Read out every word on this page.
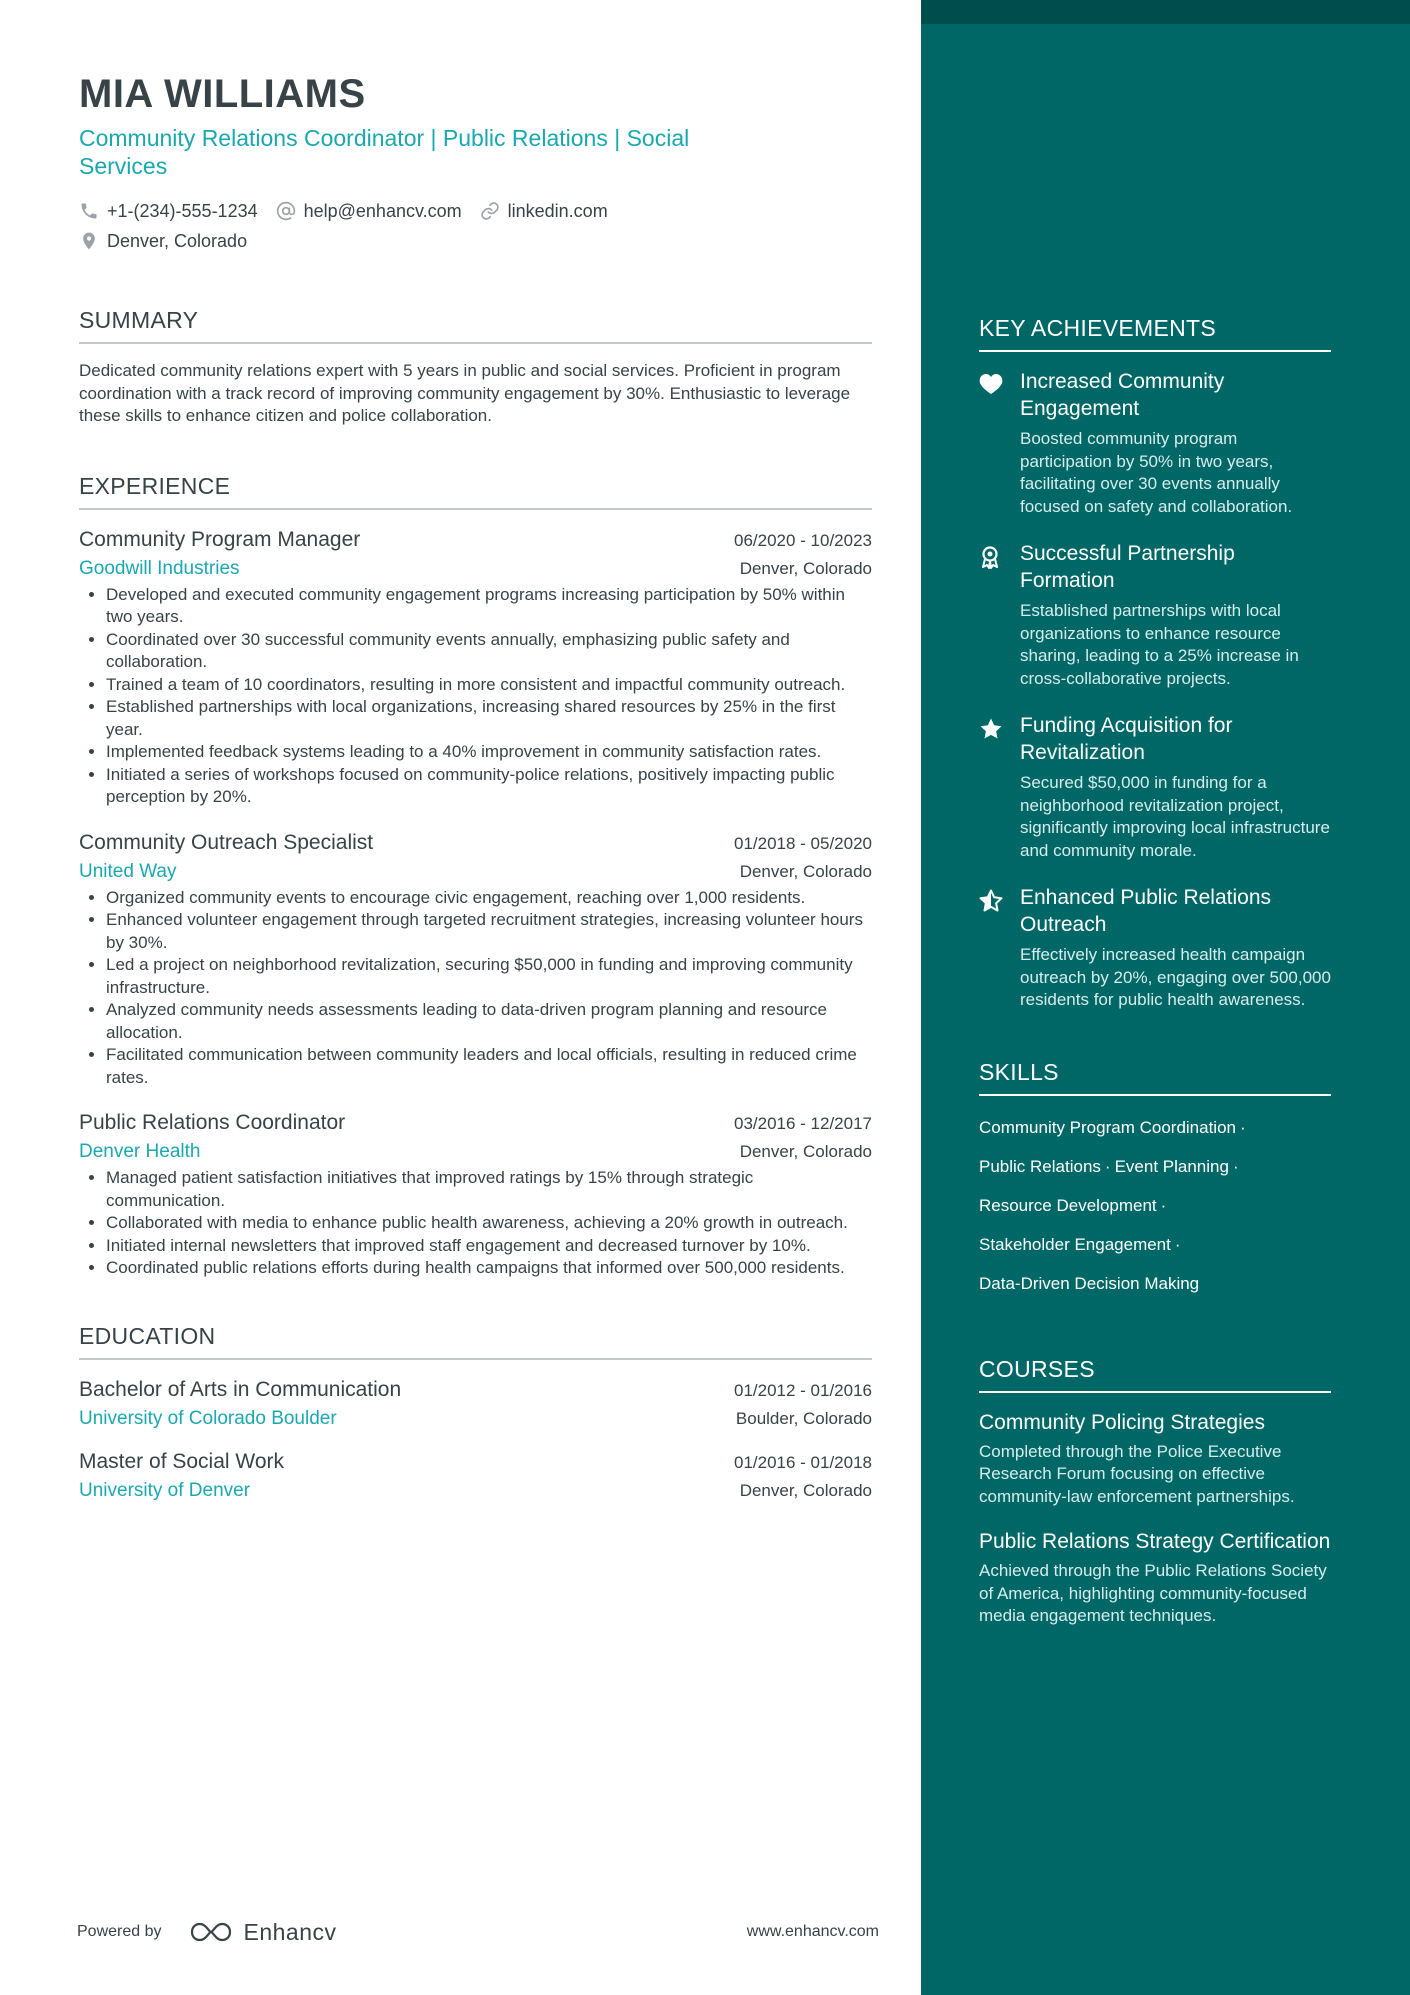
MIA WILLIAMS
Community Relations Coordinator | Public Relations | Social Services
+1-(234)-555-1234	help@enhancv.com	linkedin.com
Denver, Colorado
SUMMARY
Dedicated community relations expert with 5 years in public and social services. Proficient in program coordination with a track record of improving community engagement by 30%. Enthusiastic to leverage these skills to enhance citizen and police collaboration.
EXPERIENCE
Community Program Manager	06/2020 - 10/2023
Goodwill Industries	Denver, Colorado
• Developed and executed community engagement programs increasing participation by 50% within two years.
• Coordinated over 30 successful community events annually, emphasizing public safety and collaboration.
• Trained a team of 10 coordinators, resulting in more consistent and impactful community outreach.
• Established partnerships with local organizations, increasing shared resources by 25% in the first year.
• Implemented feedback systems leading to a 40% improvement in community satisfaction rates.
• Initiated a series of workshops focused on community-police relations, positively impacting public perception by 20%.
Community Outreach Specialist	01/2018 - 05/2020
United Way	Denver, Colorado
• Organized community events to encourage civic engagement, reaching over 1,000 residents.
• Enhanced volunteer engagement through targeted recruitment strategies, increasing volunteer hours by 30%.
• Led a project on neighborhood revitalization, securing $50,000 in funding and improving community infrastructure.
• Analyzed community needs assessments leading to data-driven program planning and resource allocation.
• Facilitated communication between community leaders and local officials, resulting in reduced crime rates.
Public Relations Coordinator	03/2016 - 12/2017
Denver Health	Denver, Colorado
• Managed patient satisfaction initiatives that improved ratings by 15% through strategic communication.
• Collaborated with media to enhance public health awareness, achieving a 20% growth in outreach.
• Initiated internal newsletters that improved staff engagement and decreased turnover by 10%.
• Coordinated public relations efforts during health campaigns that informed over 500,000 residents.
EDUCATION
Bachelor of Arts in Communication	01/2012 - 01/2016
University of Colorado Boulder	Boulder, Colorado
Master of Social Work	01/2016 - 01/2018
University of Denver	Denver, Colorado
Powered by	Enhancv	www.enhancv.com
KEY ACHIEVEMENTS
Increased Community Engagement
Boosted community program participation by 50% in two years, facilitating over 30 events annually focused on safety and collaboration.
Successful Partnership Formation
Established partnerships with local organizations to enhance resource sharing, leading to a 25% increase in cross-collaborative projects.
Funding Acquisition for Revitalization
Secured $50,000 in funding for a neighborhood revitalization project, significantly improving local infrastructure and community morale.
Enhanced Public Relations Outreach
Effectively increased health campaign outreach by 20%, engaging over 500,000 residents for public health awareness.
SKILLS
Community Program Coordination ·
Public Relations · Event Planning ·
Resource Development ·
Stakeholder Engagement ·
Data-Driven Decision Making
COURSES
Community Policing Strategies
Completed through the Police Executive Research Forum focusing on effective community-law enforcement partnerships.
Public Relations Strategy Certification
Achieved through the Public Relations Society of America, highlighting community-focused media engagement techniques.
